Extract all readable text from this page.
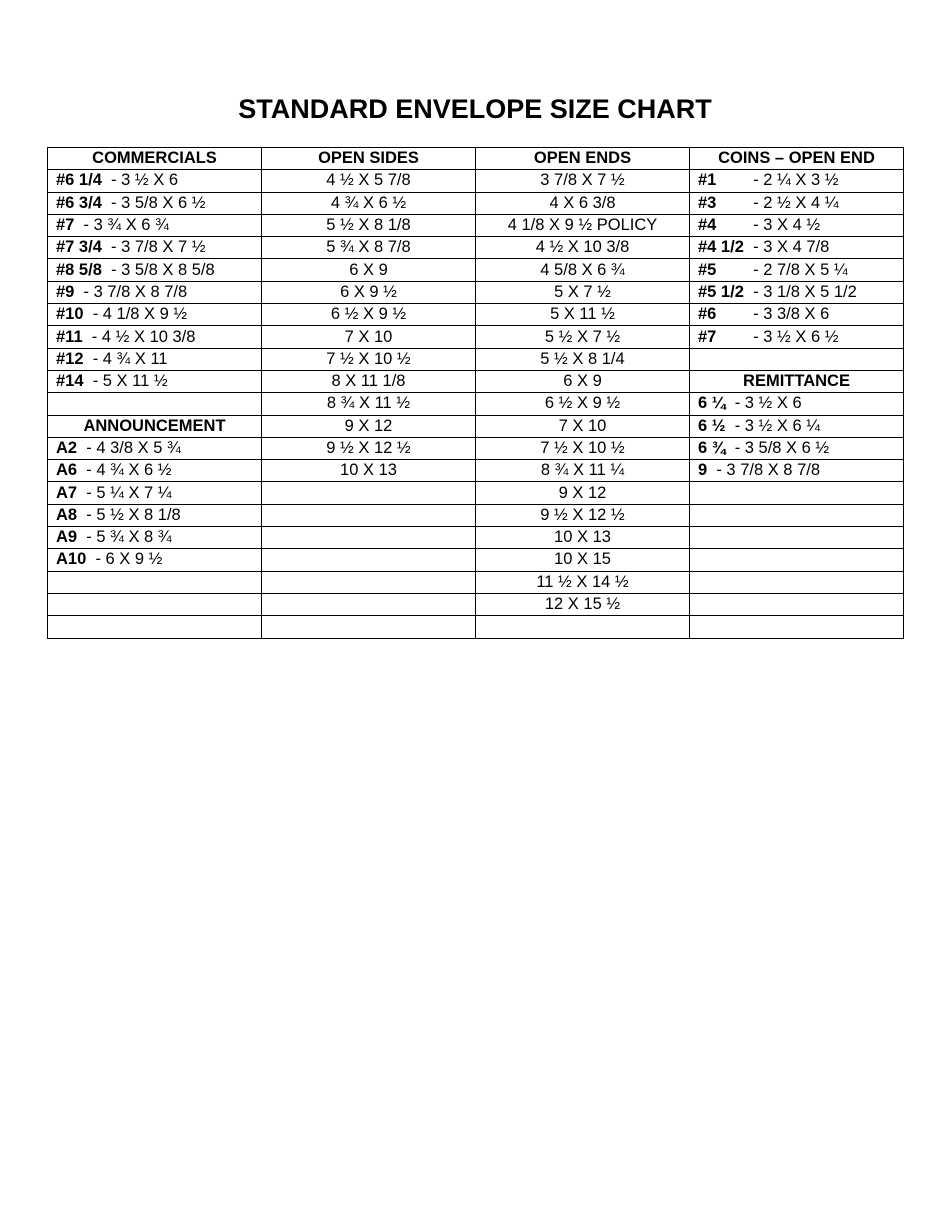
STANDARD ENVELOPE SIZE CHART
COMMERCIALS	OPEN SIDES	OPEN ENDS	COINS – OPEN END
#6 1/4  - 3 ½ X 6	4 ½ X 5 7/8	3 7/8 X 7 ½	#1  - 2 ¼ X 3 ½
#6 3/4  - 3 5/8 X 6 ½	4 ¾ X 6 ½	4 X 6 3/8	#3  - 2 ½ X 4 ¼
#7  - 3 ¾ X 6 ¾	5 ½ X 8 1/8	4 1/8 X 9 ½ POLICY	#4  - 3 X 4 ½
#7 3/4  - 3 7/8 X 7 ½	5 ¾ X 8 7/8	4 ½ X 10 3/8	#4 1/2  - 3 X 4 7/8
#8 5/8  - 3 5/8 X 8 5/8	6 X 9	4 5/8 X 6 ¾	#5  - 2 7/8 X 5 ¼
#9  - 3 7/8 X 8 7/8	6 X 9 ½	5 X 7 ½	#5 1/2  - 3 1/8 X 5 1/2
#10  - 4 1/8 X 9 ½	6 ½ X 9 ½	5 X 11 ½	#6  - 3 3/8 X 6
#11  - 4 ½ X 10 3/8	7 X 10	5 ½ X 7 ½	#7  - 3 ½ X 6 ½
#12  - 4 ¾ X 11	7 ½ X 10 ½	5 ½ X 8 1/4	
#14  - 5 X 11 ½	8 X 11 1/8	6 X 9	REMITTANCE
	8 ¾ X 11 ½	6 ½ X 9 ½	6 ¼  - 3 ½ X 6
ANNOUNCEMENT	9 X 12	7 X 10	6 ½  - 3 ½ X 6 ¼
A2  - 4 3/8 X 5 ¾	9 ½ X 12 ½	7 ½ X 10 ½	6 ¾  - 3 5/8 X 6 ½
A6  - 4 ¾ X 6 ½	10 X 13	8 ¾ X 11 ¼	9  - 3 7/8 X 8 7/8
A7  - 5 ¼ X 7 ¼		9 X 12	
A8  - 5 ½ X 8 1/8		9 ½ X 12 ½	
A9  - 5 ¾ X 8 ¾		10 X 13	
A10  - 6 X 9 ½		10 X 15	
		11 ½ X 14 ½	
		12 X 15 ½	
